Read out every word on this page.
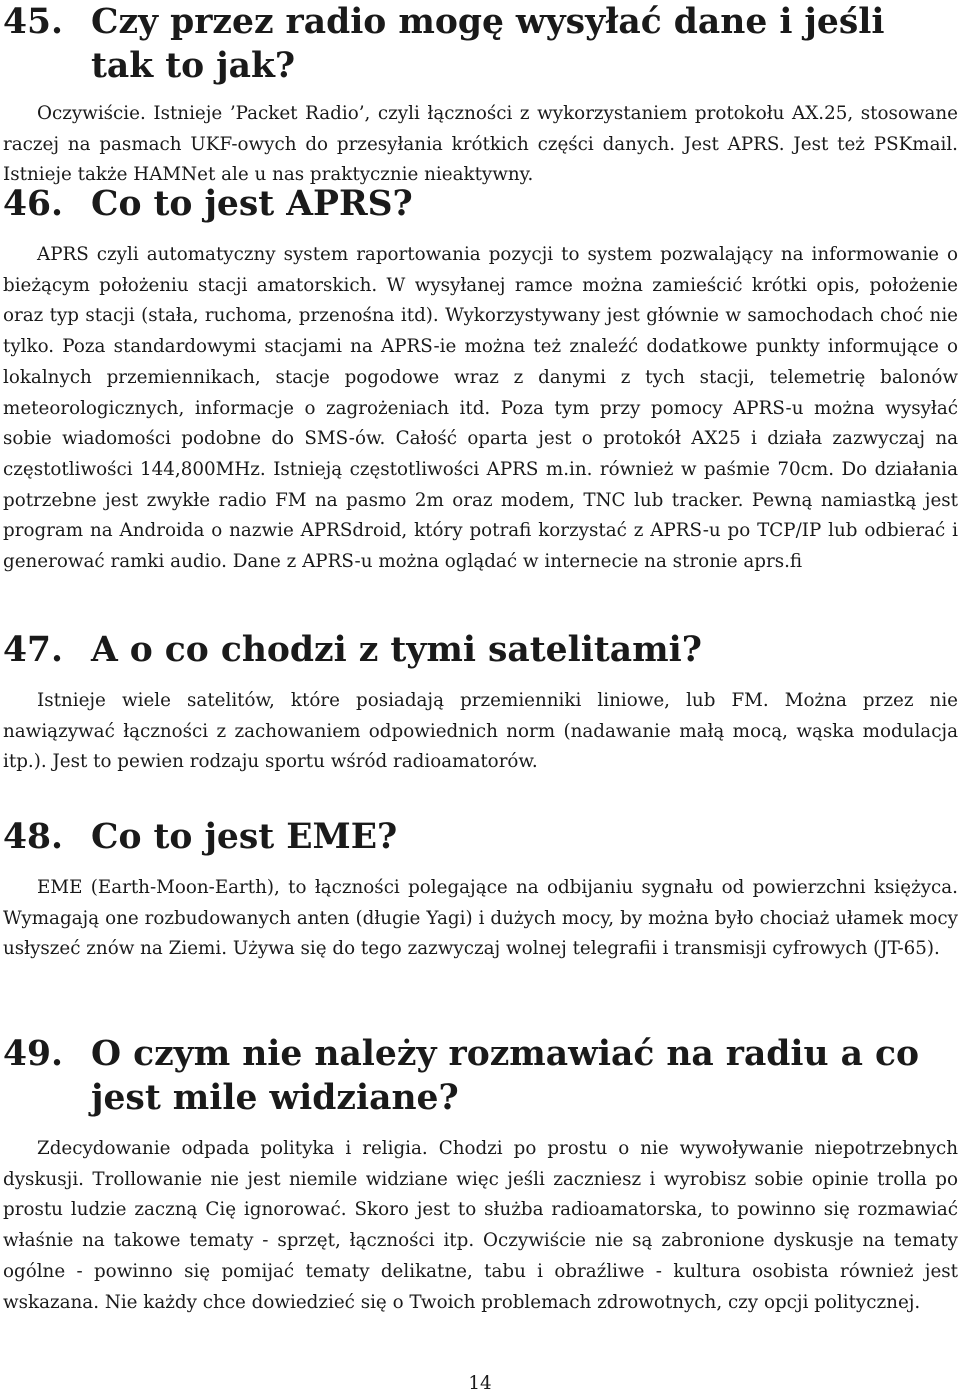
45. Czy przez radio mogę wysyłać dane i jeśli tak to jak?

Oczywiście. Istnieje ’Packet Radio’, czyli łączności z wykorzystaniem protokołu AX.25, stosowane raczej na pasmach UKF-owych do przesyłania krótkich części danych. Jest APRS. Jest też PSKmail. Istnieje także HAMNet ale u nas praktycznie nieaktywny.

46. Co to jest APRS?

APRS czyli automatyczny system raportowania pozycji to system pozwalający na informowanie o bieżącym położeniu stacji amatorskich. W wysyłanej ramce można zamieścić krótki opis, położenie oraz typ stacji (stała, ruchoma, przenośna itd). Wykorzystywany jest głównie w samochodach choć nie tylko. Poza standardowymi stacjami na APRS-ie można też znaleźć dodatkowe punkty informujące o lokalnych przemiennikach, stacje pogodowe wraz z danymi z tych stacji, telemetrię balonów meteorologicznych, informacje o zagrożeniach itd. Poza tym przy pomocy APRS-u można wysyłać sobie wiadomości podobne do SMS-ów. Całość oparta jest o protokół AX25 i działa zazwyczaj na częstotliwości 144,800MHz. Istnieją częstotliwości APRS m.in. również w paśmie 70cm. Do działania potrzebne jest zwykłe radio FM na pasmo 2m oraz modem, TNC lub tracker. Pewną namiastką jest program na Androida o nazwie APRSdroid, który potrafi korzystać z APRS-u po TCP/IP lub odbierać i generować ramki audio. Dane z APRS-u można oglądać w internecie na stronie aprs.fi

47. A o co chodzi z tymi satelitami?

Istnieje wiele satelitów, które posiadają przemienniki liniowe, lub FM. Można przez nie nawiązywać łączności z zachowaniem odpowiednich norm (nadawanie małą mocą, wąska modulacja itp.). Jest to pewien rodzaju sportu wśród radioamatorów.

48. Co to jest EME?

EME (Earth-Moon-Earth), to łączności polegające na odbijaniu sygnału od powierzchni księżyca. Wymagają one rozbudowanych anten (długie Yagi) i dużych mocy, by można było chociaż ułamek mocy usłyszeć znów na Ziemi. Używa się do tego zazwyczaj wolnej telegrafii i transmisji cyfrowych (JT-65).

49. O czym nie należy rozmawiać na radiu a co jest mile widziane?

Zdecydowanie odpada polityka i religia. Chodzi po prostu o nie wywoływanie niepotrzebnych dyskusji. Trollowanie nie jest niemile widziane więc jeśli zaczniesz i wyrobisz sobie opinie trolla po prostu ludzie zaczną Cię ignorować. Skoro jest to służba radioamatorska, to powinno się rozmawiać właśnie na takowe tematy - sprzęt, łączności itp. Oczywiście nie są zabronione dyskusje na tematy ogólne - powinno się pomijać tematy delikatne, tabu i obraźliwe - kultura osobista również jest wskazana. Nie każdy chce dowiedzieć się o Twoich problemach zdrowotnych, czy opcji politycznej.

14
